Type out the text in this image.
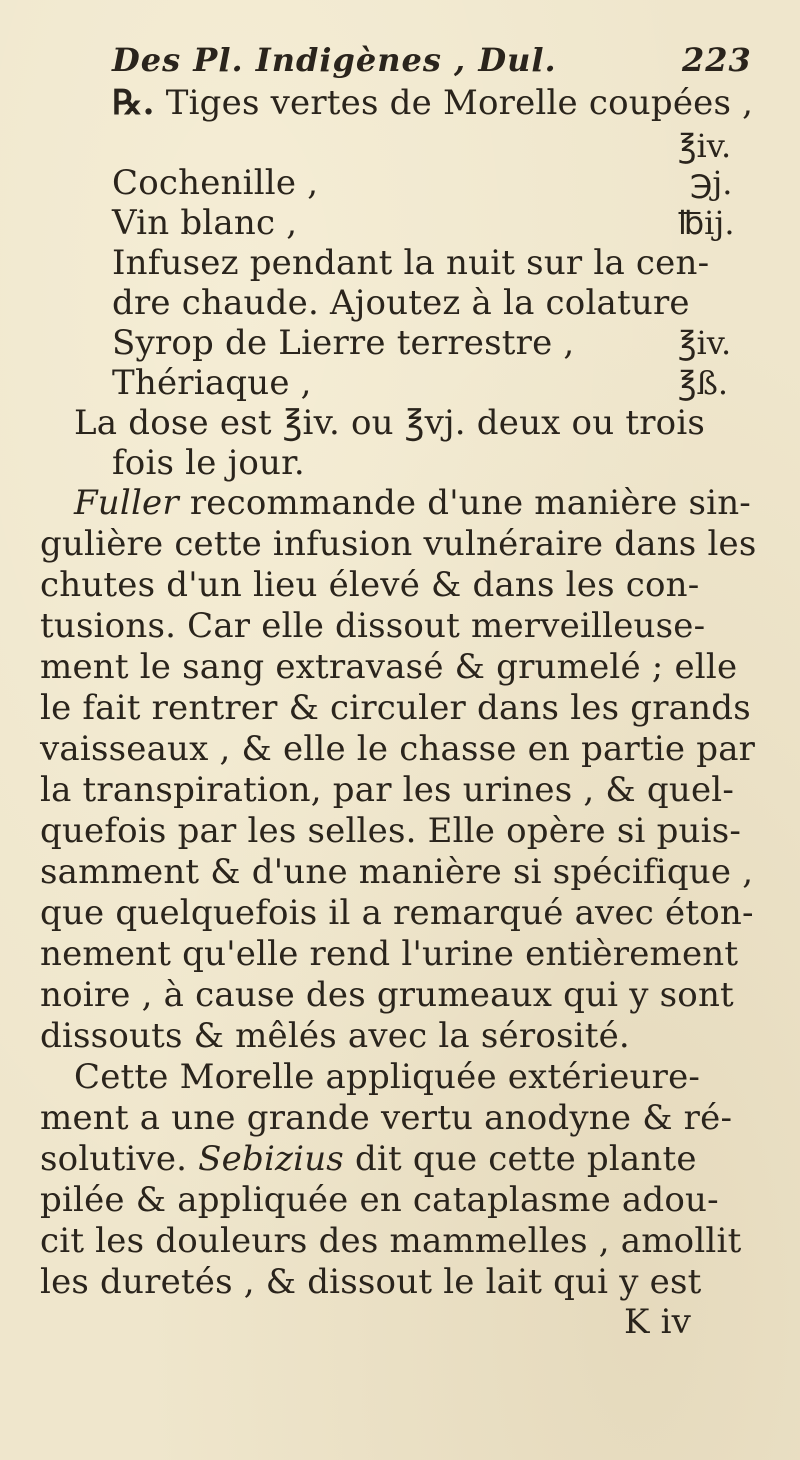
Des Pl. Indigènes , Dul.	223
℞. Tiges vertes de Morelle coupées ,
℥iv.
Cochenille ,	℈j.
Vin blanc ,	℔ij.
Infusez pendant la nuit sur la cen-
dre chaude. Ajoutez à la colature
Syrop de Lierre terrestre ,	℥iv.
Thériaque ,	℥ß.
La dose est ℥iv. ou ℥vj. deux ou trois
fois le jour.
Fuller recommande d'une manière sin-
gulière cette infusion vulnéraire dans les
chutes d'un lieu élevé & dans les con-
tusions. Car elle dissout merveilleuse-
ment le sang extravasé & grumelé ; elle
le fait rentrer & circuler dans les grands
vaisseaux , & elle le chasse en partie par
la transpiration, par les urines , & quel-
quefois par les selles. Elle opère si puis-
samment & d'une manière si spécifique ,
que quelquefois il a remarqué avec éton-
nement qu'elle rend l'urine entièrement
noire , à cause des grumeaux qui y sont
dissouts & mêlés avec la sérosité.
Cette Morelle appliquée extérieure-
ment a une grande vertu anodyne & ré-
solutive. Sebizius dit que cette plante
pilée & appliquée en cataplasme adou-
cit les douleurs des mammelles , amollit
les duretés , & dissout le lait qui y est
K iv
